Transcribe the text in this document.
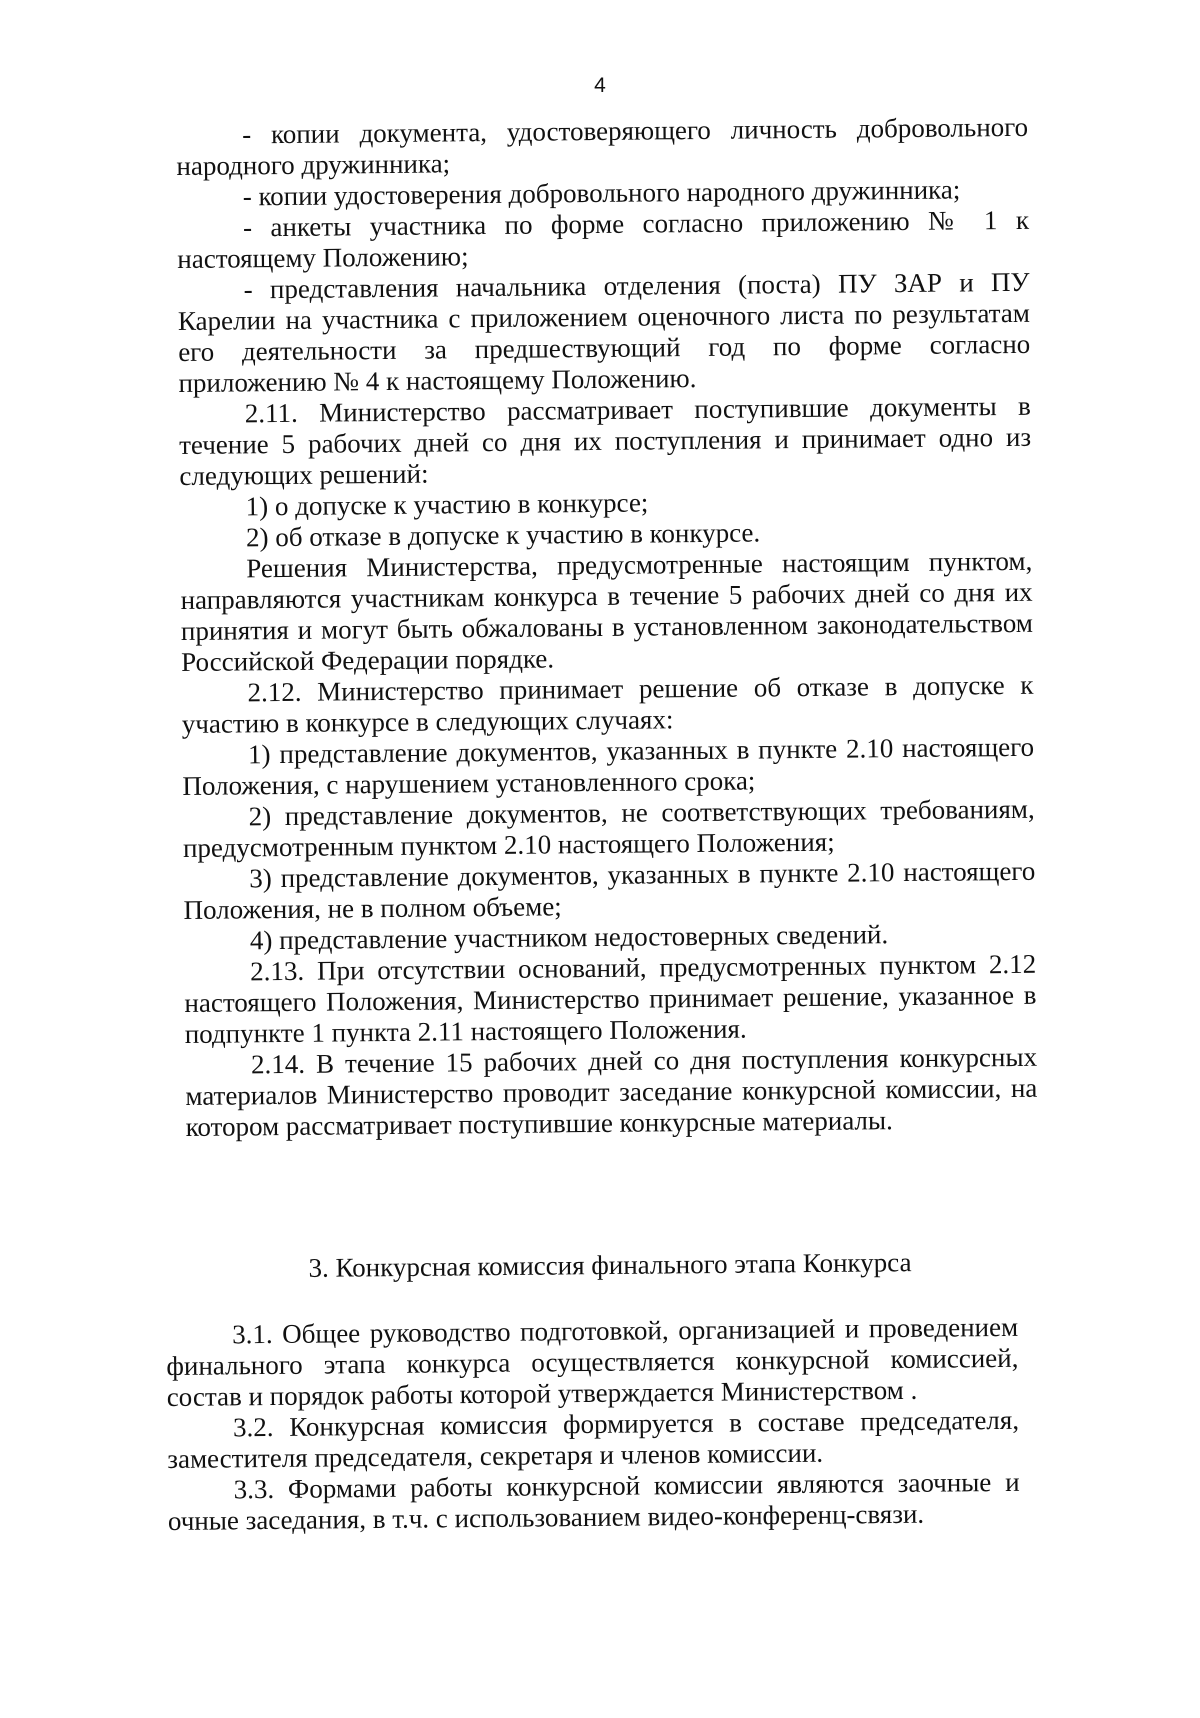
4

- копии документа, удостоверяющего личность добровольного народного дружинника;

- копии удостоверения добровольного народного дружинника;

- анкеты участника по форме согласно приложению № 1 к настоящему Положению;

- представления начальника отделения (поста) ПУ ЗАР и ПУ Карелии на участника с приложением оценочного листа по результатам его деятельности за предшествующий год по форме согласно приложению № 4 к настоящему Положению.

2.11. Министерство рассматривает поступившие документы в течение 5 рабочих дней со дня их поступления и принимает одно из следующих решений:

1) о допуске к участию в конкурсе;

2) об отказе в допуске к участию в конкурсе.

Решения Министерства, предусмотренные настоящим пунктом, направляются участникам конкурса в течение 5 рабочих дней со дня их принятия и могут быть обжалованы в установленном законодательством Российской Федерации порядке.

2.12. Министерство принимает решение об отказе в допуске к участию в конкурсе в следующих случаях:

1) представление документов, указанных в пункте 2.10 настоящего Положения, с нарушением установленного срока;

2) представление документов, не соответствующих требованиям, предусмотренным пунктом 2.10 настоящего Положения;

3) представление документов, указанных в пункте 2.10 настоящего Положения, не в полном объеме;

4) представление участником недостоверных сведений.

2.13. При отсутствии оснований, предусмотренных пунктом 2.12 настоящего Положения, Министерство принимает решение, указанное в подпункте 1 пункта 2.11 настоящего Положения.

2.14. В течение 15 рабочих дней со дня поступления конкурсных материалов Министерство проводит заседание конкурсной комиссии, на котором рассматривает поступившие конкурсные материалы.

3. Конкурсная комиссия финального этапа Конкурса

3.1. Общее руководство подготовкой, организацией и проведением финального этапа конкурса осуществляется конкурсной комиссией, состав и порядок работы которой утверждается Министерством .

3.2. Конкурсная комиссия формируется в составе председателя, заместителя председателя, секретаря и членов комиссии.

3.3. Формами работы конкурсной комиссии являются заочные и очные заседания, в т.ч. с использованием видео-конференц-связи.
